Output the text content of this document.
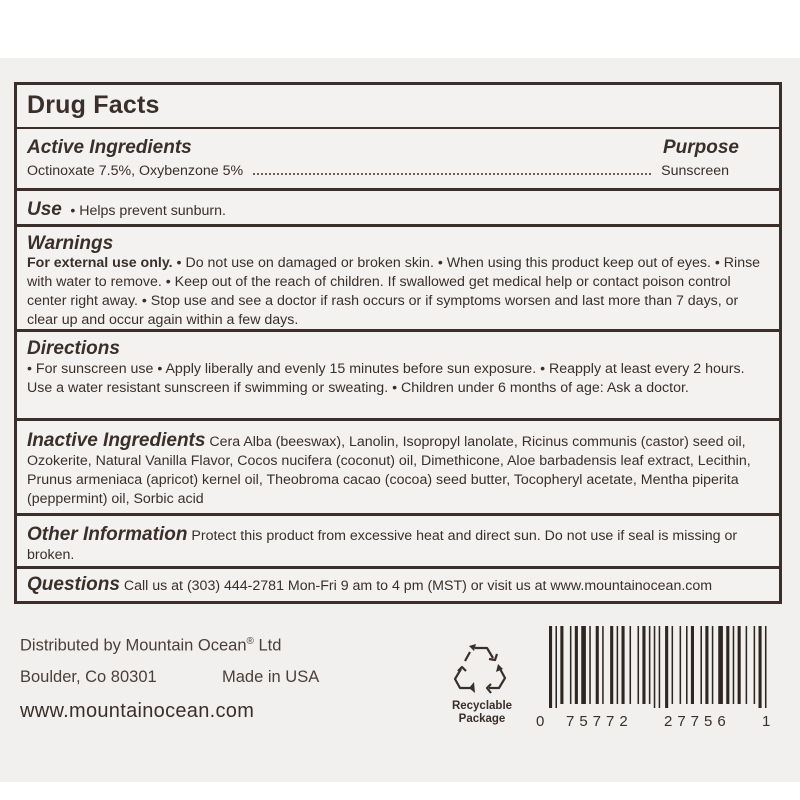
Drug Facts
Active Ingredients	Purpose
Octinoxate 7.5%, Oxybenzone 5%	Sunscreen
Use • Helps prevent sunburn.
Warnings
For external use only. • Do not use on damaged or broken skin. • When using this product keep out of eyes. • Rinse with water to remove. • Keep out of the reach of children. If swallowed get medical help or contact poison control center right away. • Stop use and see a doctor if rash occurs or if symptoms worsen and last more than 7 days, or clear up and occur again within a few days.
Directions
• For sunscreen use • Apply liberally and evenly 15 minutes before sun exposure. • Reapply at least every 2 hours. Use a water resistant sunscreen if swimming or sweating. • Children under 6 months of age: Ask a doctor.
Inactive Ingredients Cera Alba (beeswax), Lanolin, Isopropyl lanolate, Ricinus communis (castor) seed oil, Ozokerite, Natural Vanilla Flavor, Cocos nucifera (coconut) oil, Dimethicone, Aloe barbadensis leaf extract, Lecithin, Prunus armeniaca (apricot) kernel oil, Theobroma cacao (cocoa) seed butter, Tocopheryl acetate, Mentha piperita (peppermint) oil, Sorbic acid
Other Information Protect this product from excessive heat and direct sun. Do not use if seal is missing or broken.
Questions Call us at (303) 444-2781 Mon-Fri 9 am to 4 pm (MST) or visit us at www.mountainocean.com
Distributed by Mountain Ocean® Ltd
Boulder, Co 80301	Made in USA
www.mountainocean.com	Recyclable
Package	0 75772 27756 1
